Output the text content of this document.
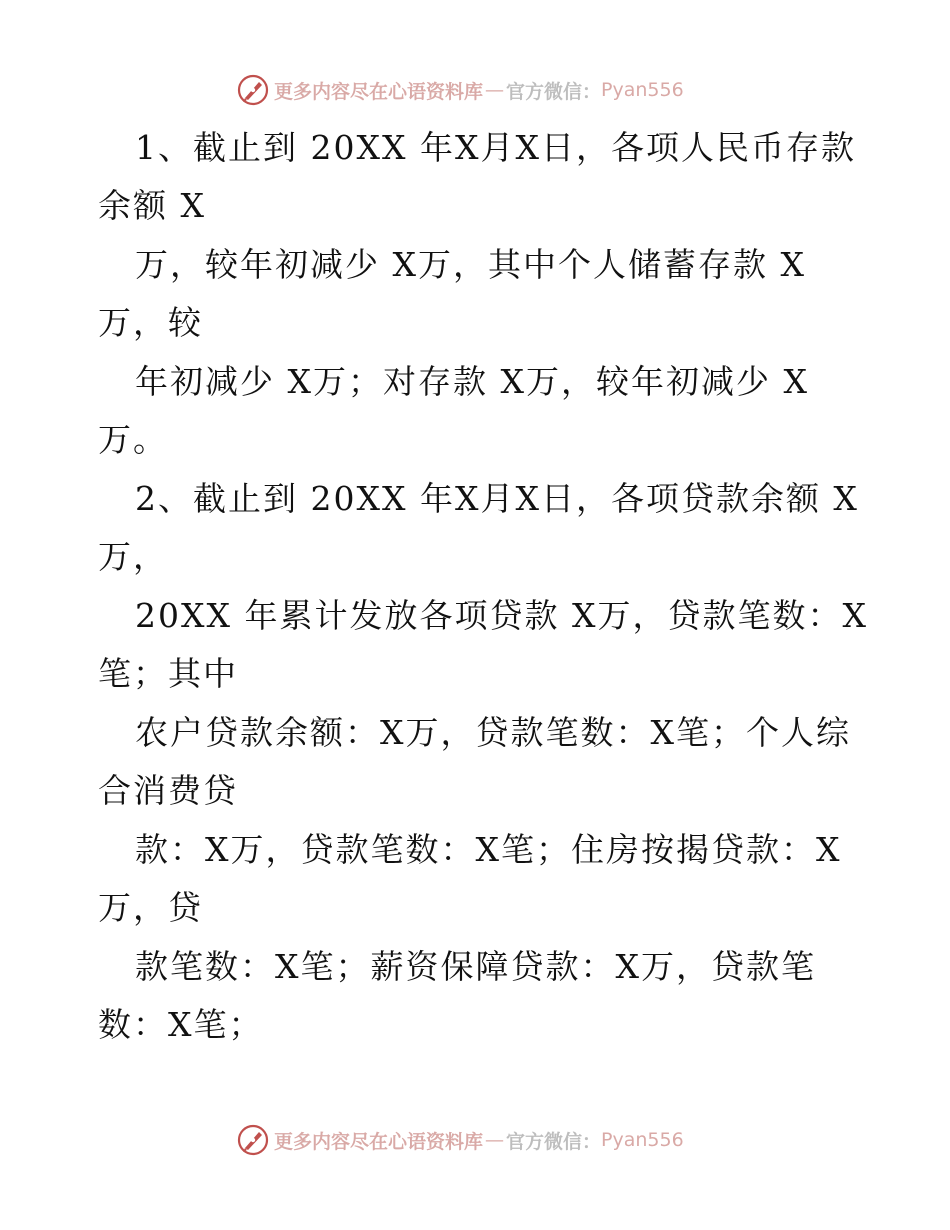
更多内容尽在心语资料库 — 官方微信： Pyan556
1、截止到 20XX 年X月X日，各项人民币存款
余额 X
万，较年初减少 X万，其中个人储蓄存款 X
万，较
年初减少 X万；对存款 X万，较年初减少 X
万。
2、截止到 20XX 年X月X日，各项贷款余额 X
万，
20XX 年累计发放各项贷款 X万，贷款笔数：X
笔；其中
农户贷款余额：X万，贷款笔数：X笔；个人综
合消费贷
款：X万，贷款笔数：X笔；住房按揭贷款：X
万，贷
款笔数：X笔；薪资保障贷款：X万，贷款笔
数：X笔；
更多内容尽在心语资料库 — 官方微信： Pyan556
